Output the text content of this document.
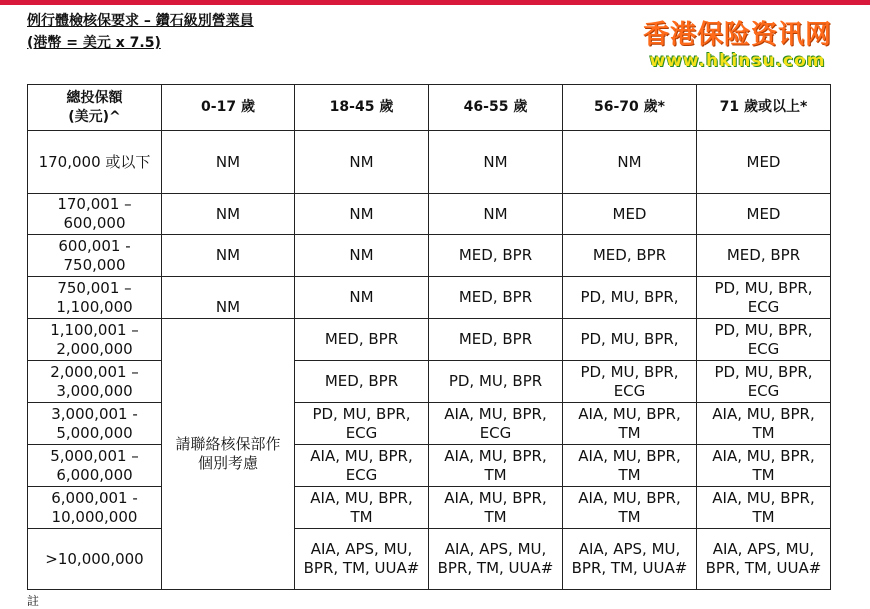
例行體檢核保要求 – 鑽石級別營業員
(港幣 = 美元 x 7.5)	香港保险资讯网
www.hkinsu.com
總投保額
(美元)^	0-17 歲	18-45 歲	46-55 歲	56-70 歲*	71 歲或以上*
170,000 或以下	NM	NM	NM	NM	MED
170,001 – 600,000	NM	NM	NM	MED	MED
600,001 - 750,000	NM	NM	MED, BPR	MED, BPR	MED, BPR
750,001 – 1,100,000	NM	NM	MED, BPR	PD, MU, BPR,	PD, MU, BPR, ECG
1,100,001 – 2,000,000	請聯絡核保部作個別考慮	MED, BPR	MED, BPR	PD, MU, BPR,	PD, MU, BPR, ECG
2,000,001 – 3,000,000		MED, BPR	PD, MU, BPR	PD, MU, BPR, ECG	PD, MU, BPR, ECG
3,000,001 - 5,000,000		PD, MU, BPR, ECG	AIA, MU, BPR, ECG	AIA, MU, BPR, TM	AIA, MU, BPR, TM
5,000,001 – 6,000,000		AIA, MU, BPR, ECG	AIA, MU, BPR, TM	AIA, MU, BPR, TM	AIA, MU, BPR, TM
6,000,001 - 10,000,000		AIA, MU, BPR, TM	AIA, MU, BPR, TM	AIA, MU, BPR, TM	AIA, MU, BPR, TM
>10,000,000		AIA, APS, MU, BPR, TM, UUA#	AIA, APS, MU, BPR, TM, UUA#	AIA, APS, MU, BPR, TM, UUA#	AIA, APS, MU, BPR, TM, UUA#
註
